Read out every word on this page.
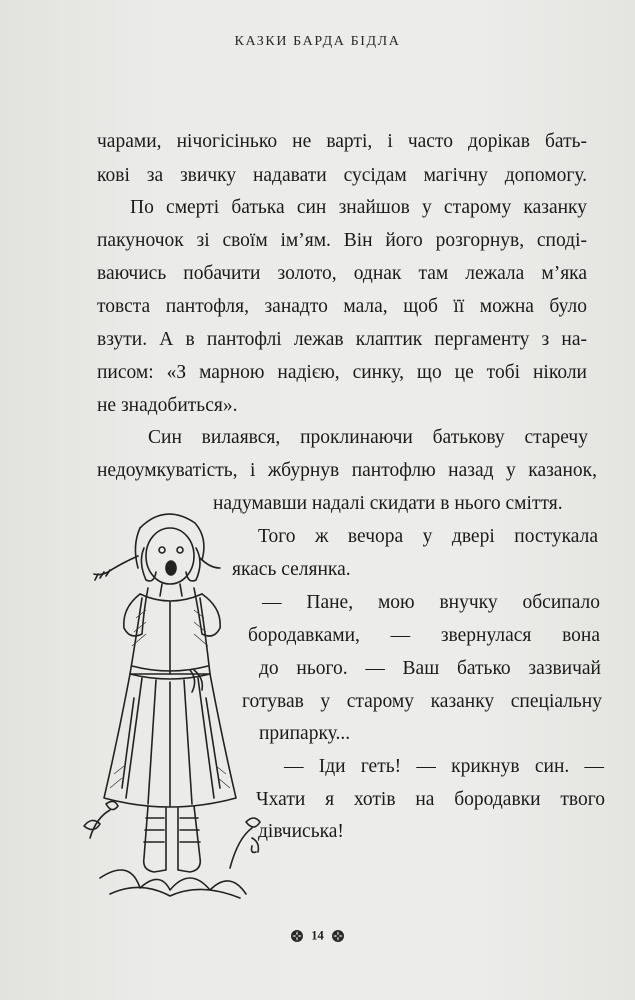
КАЗКИ БАРДА БІДЛА
чарами, нічогісінько не варті, і часто дорікав бать-
кові за звичку надавати сусідам магічну допомогу.
По смерті батька син знайшов у старому казанку
пакуночок зі своїм ім’ям. Він його розгорнув, сподi-
ваючись побачити золото, однак там лежала м’яка
товста пантофля, занадто мала, щоб її можна було
взути. А в пантофлі лежав клаптик пергаменту з на-
писом: «З марною надією, синку, що це тобі ніколи
не знадобиться».
Син вилаявся, проклинаючи батькову старечу
недоумкуватість, і жбурнув пантофлю назад у казанок,
надумавши надалі скидати в нього сміття.
Того ж вечора у двері постукала
якась селянка.
— Пане, мою внучку обсипало
бородавками, — звернулася вона
до нього. — Ваш батько зазвичай
готував у старому казанку спеціальну
припарку...
— Іди геть! — крикнув син. —
Чхати я хотів на бородавки твого
дівчиська!
14
